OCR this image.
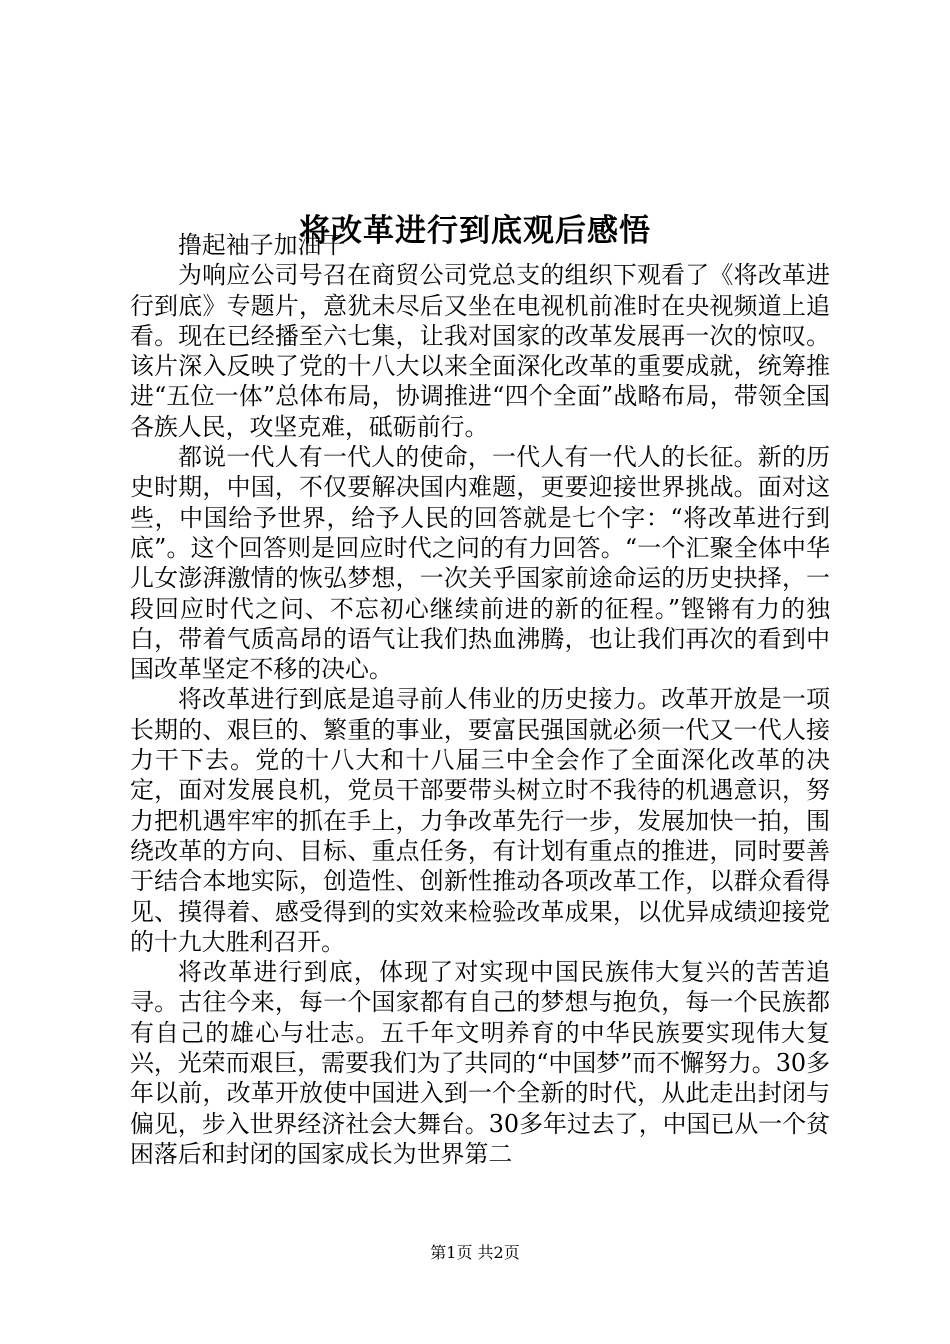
将改革进行到底观后感悟
撸起袖子加油干

为响应公司号召在商贸公司党总支的组织下观看了《将改革进行到底》专题片，意犹未尽后又坐在电视机前准时在央视频道上追看。现在已经播至六七集，让我对国家的改革发展再一次的惊叹。该片深入反映了党的十八大以来全面深化改革的重要成就，统筹推进“五位一体”总体布局，协调推进“四个全面”战略布局，带领全国各族人民，攻坚克难，砥砺前行。

都说一代人有一代人的使命，一代人有一代人的长征。新的历史时期，中国，不仅要解决国内难题，更要迎接世界挑战。面对这些，中国给予世界，给予人民的回答就是七个字：“将改革进行到底”。这个回答则是回应时代之问的有力回答。“一个汇聚全体中华儿女澎湃激情的恢弘梦想，一次关乎国家前途命运的历史抉择，一段回应时代之问、不忘初心继续前进的新的征程。”铿锵有力的独白，带着气质高昂的语气让我们热血沸腾，也让我们再次的看到中国改革坚定不移的决心。

将改革进行到底是追寻前人伟业的历史接力。改革开放是一项长期的、艰巨的、繁重的事业，要富民强国就必须一代又一代人接力干下去。党的十八大和十八届三中全会作了全面深化改革的决定，面对发展良机，党员干部要带头树立时不我待的机遇意识，努力把机遇牢牢的抓在手上，力争改革先行一步，发展加快一拍，围绕改革的方向、目标、重点任务，有计划有重点的推进，同时要善于结合本地实际，创造性、创新性推动各项改革工作，以群众看得见、摸得着、感受得到的实效来检验改革成果，以优异成绩迎接党的十九大胜利召开。

将改革进行到底，体现了对实现中国民族伟大复兴的苦苦追寻。古往今来，每一个国家都有自己的梦想与抱负，每一个民族都有自己的雄心与壮志。五千年文明养育的中华民族要实现伟大复兴，光荣而艰巨，需要我们为了共同的“中国梦”而不懈努力。30多年以前，改革开放使中国进入到一个全新的时代，从此走出封闭与偏见，步入世界经济社会大舞台。30多年过去了，中国已从一个贫困落后和封闭的国家成长为世界第二

第1页 共2页
